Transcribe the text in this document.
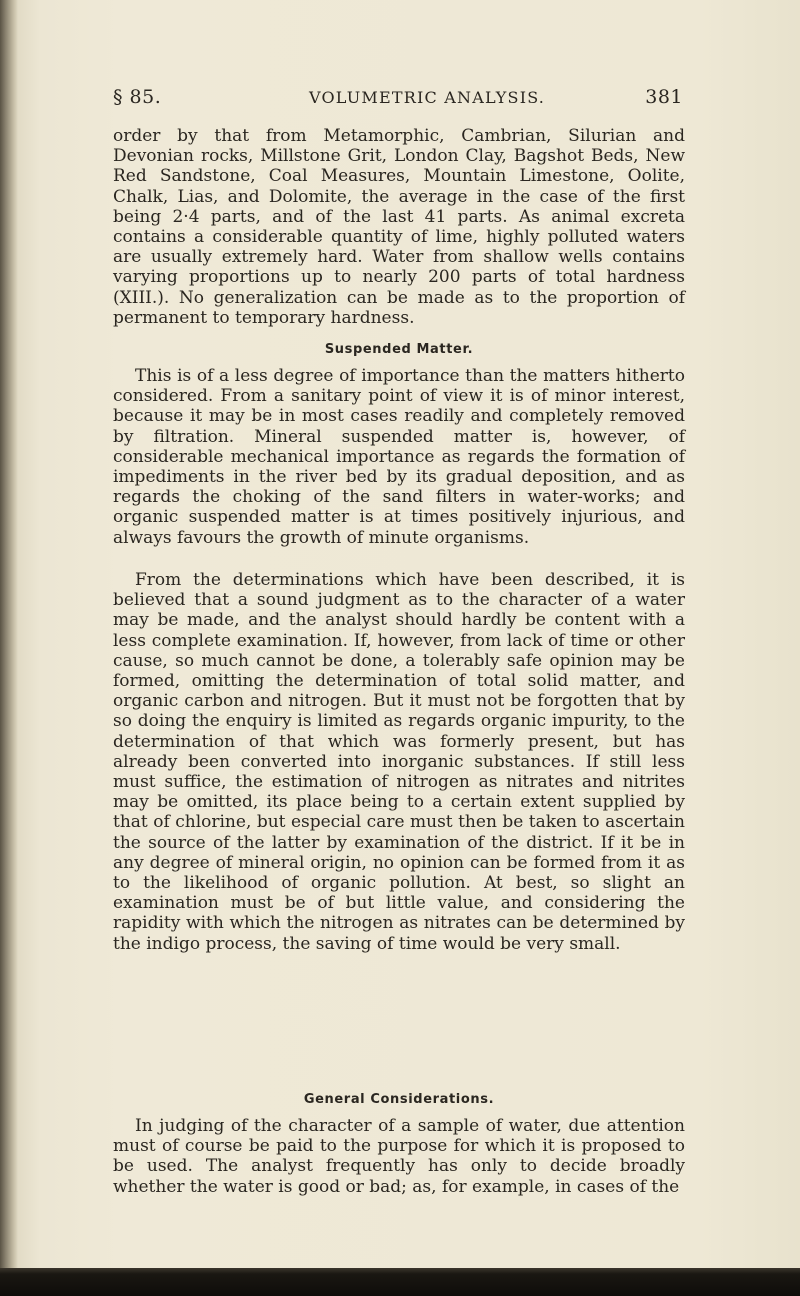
§ 85.	VOLUMETRIC ANALYSIS.	381

order by that from Metamorphic, Cambrian, Silurian and Devonian rocks, Millstone Grit, London Clay, Bagshot Beds, New Red Sandstone, Coal Measures, Mountain Limestone, Oolite, Chalk, Lias, and Dolomite, the average in the case of the first being 2·4 parts, and of the last 41 parts. As animal excreta contains a considerable quantity of lime, highly polluted waters are usually extremely hard. Water from shallow wells contains varying proportions up to nearly 200 parts of total hardness (XIII.). No generalization can be made as to the proportion of permanent to temporary hardness.

Suspended Matter.

This is of a less degree of importance than the matters hitherto considered. From a sanitary point of view it is of minor interest, because it may be in most cases readily and completely removed by filtration. Mineral suspended matter is, however, of considerable mechanical importance as regards the formation of impediments in the river bed by its gradual deposition, and as regards the choking of the sand filters in water-works; and organic suspended matter is at times positively injurious, and always favours the growth of minute organisms.

From the determinations which have been described, it is believed that a sound judgment as to the character of a water may be made, and the analyst should hardly be content with a less complete examination. If, however, from lack of time or other cause, so much cannot be done, a tolerably safe opinion may be formed, omitting the determination of total solid matter, and organic carbon and nitrogen. But it must not be forgotten that by so doing the enquiry is limited as regards organic impurity, to the determination of that which was formerly present, but has already been converted into inorganic substances. If still less must suffice, the estimation of nitrogen as nitrates and nitrites may be omitted, its place being to a certain extent supplied by that of chlorine, but especial care must then be taken to ascertain the source of the latter by examination of the district. If it be in any degree of mineral origin, no opinion can be formed from it as to the likelihood of organic pollution. At best, so slight an examination must be of but little value, and considering the rapidity with which the nitrogen as nitrates can be determined by the indigo process, the saving of time would be very small.

General Considerations.

In judging of the character of a sample of water, due attention must of course be paid to the purpose for which it is proposed to be used. The analyst frequently has only to decide broadly whether the water is good or bad; as, for example, in cases of the
